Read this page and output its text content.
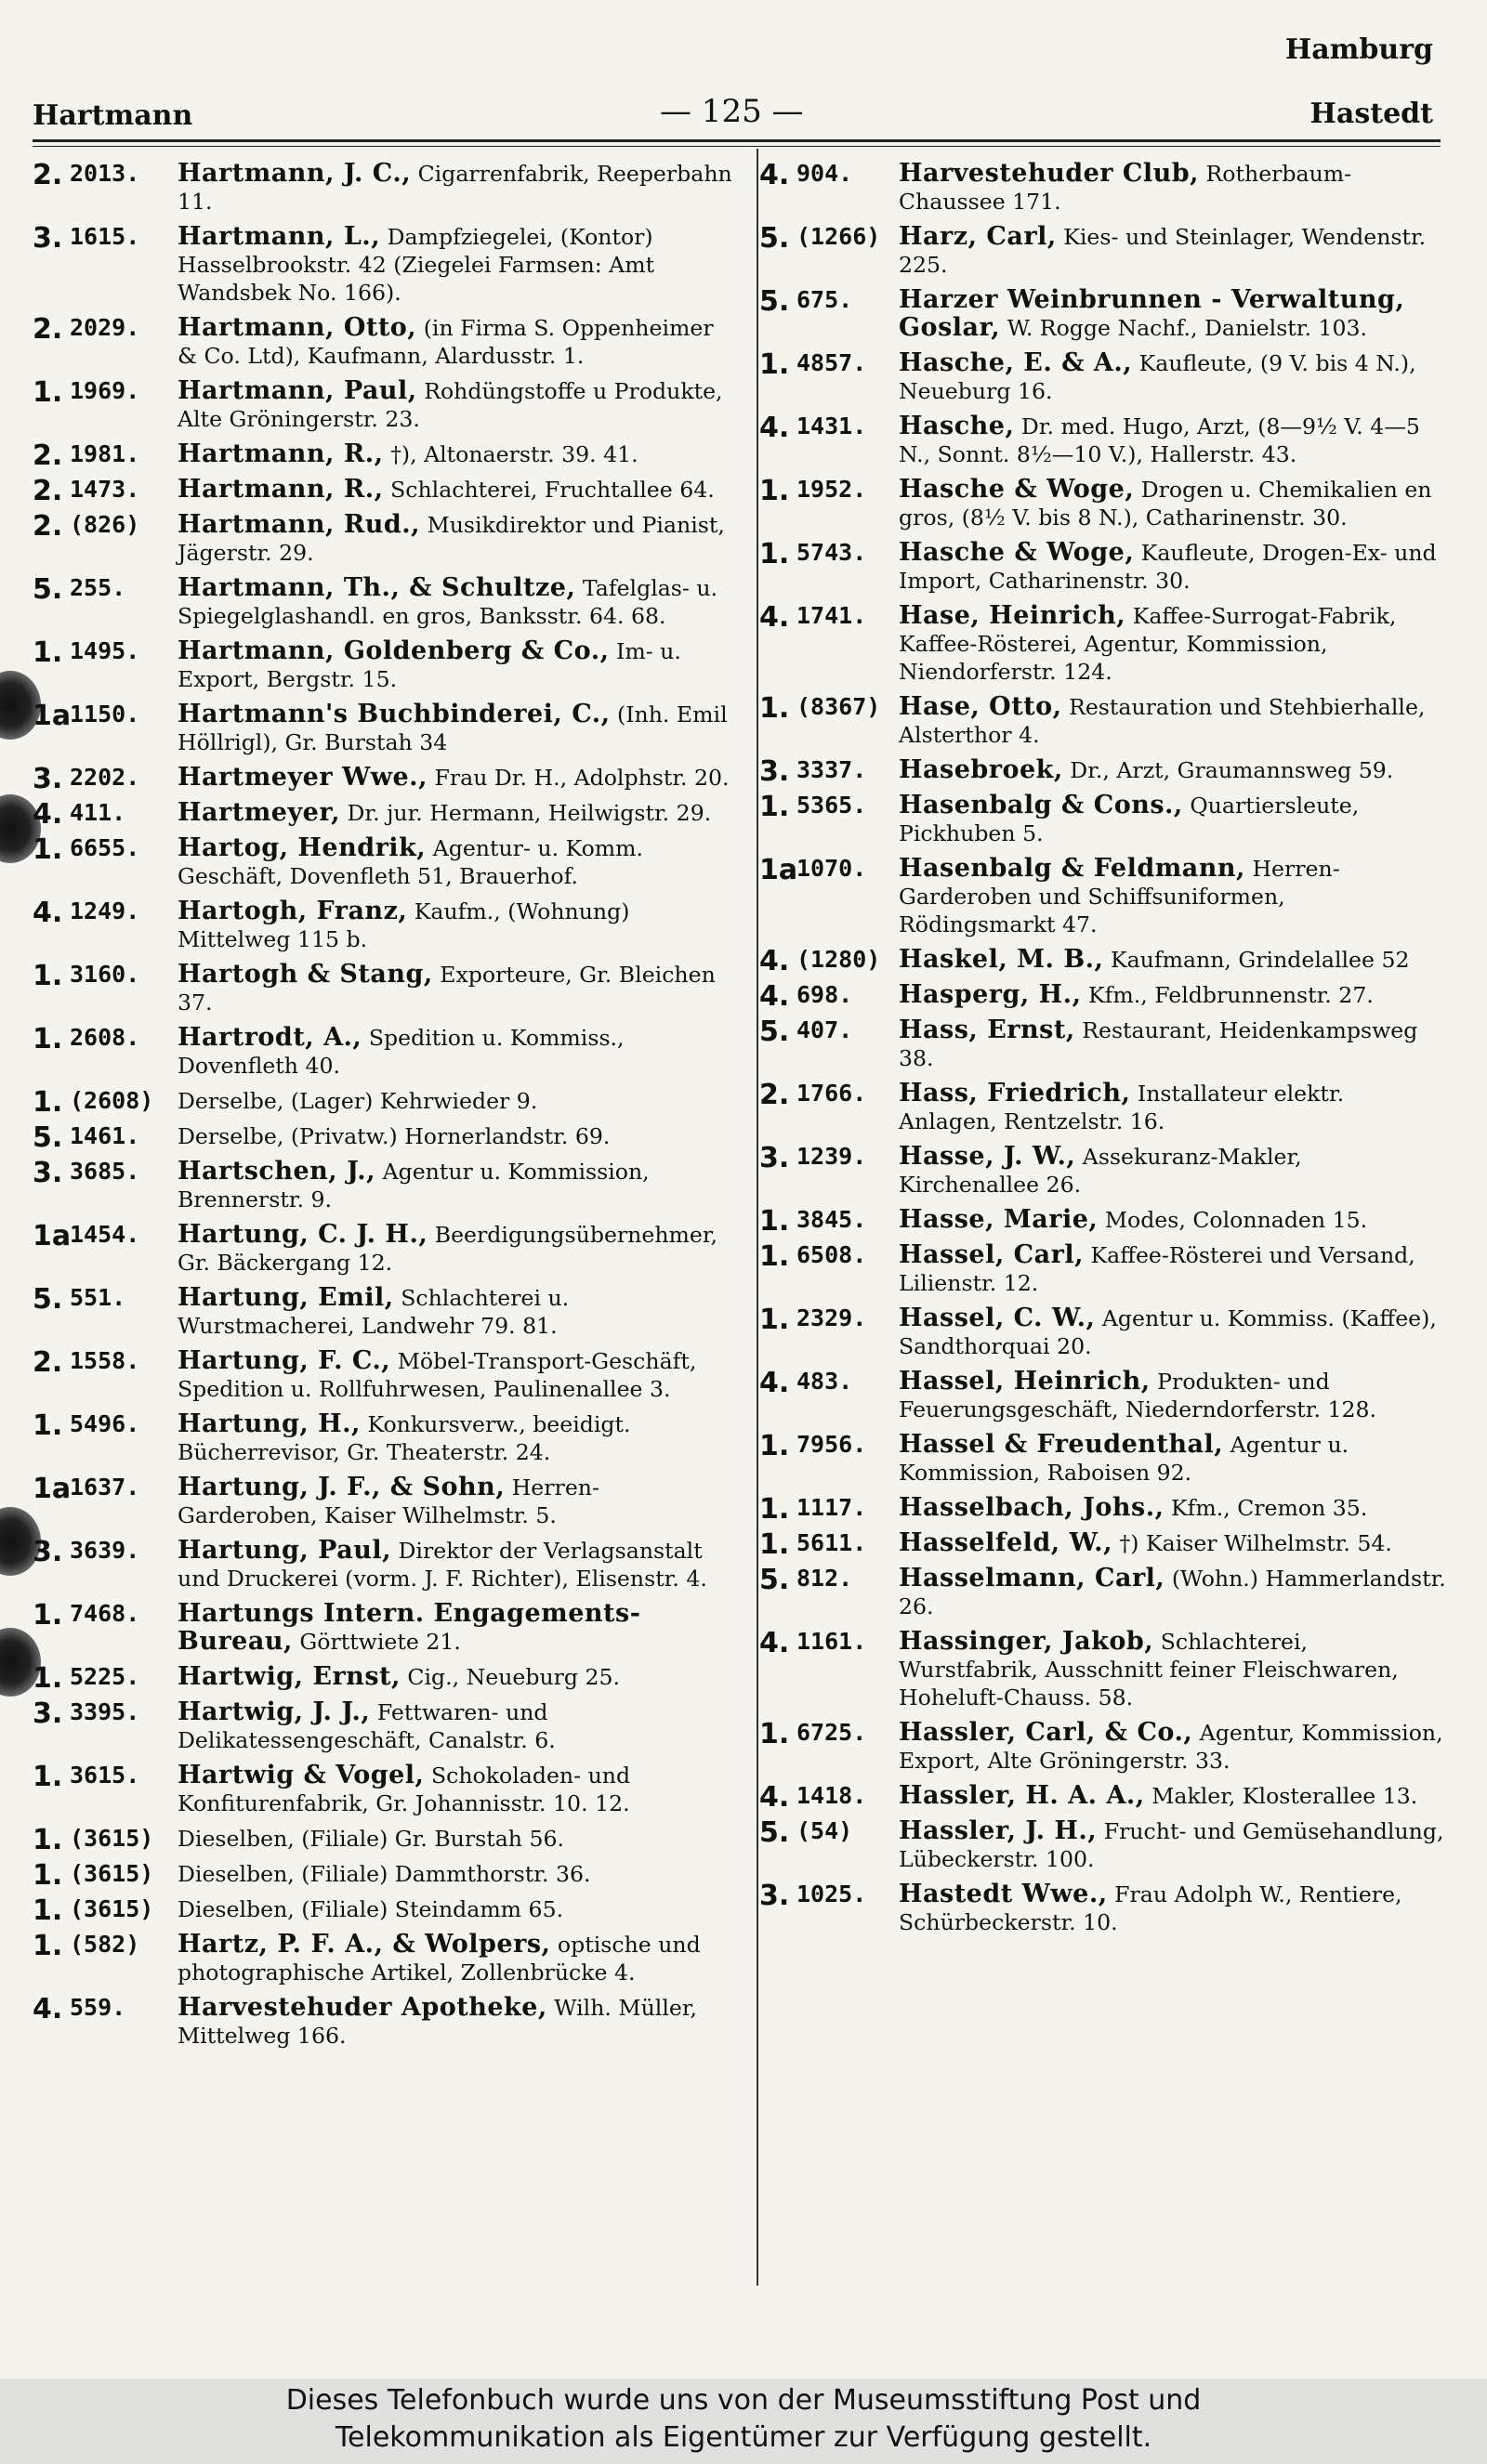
Hamburg
Hartmann	— 125 —	Hastedt
2. 2013. Hartmann, J. C., Cigarrenfabrik, Reeperbahn 11.
3. 1615. Hartmann, L., Dampfziegelei, (Kontor) Hasselbrookstr. 42 (Ziegelei Farmsen: Amt Wandsbek No. 166).
2. 2029. Hartmann, Otto, (in Firma S. Oppenheimer & Co. Ltd), Kaufmann, Alardusstr. 1.
1. 1969. Hartmann, Paul, Rohdüngstoffe u Produkte, Alte Gröningerstr. 23.
2. 1981. Hartmann, R., †), Altonaerstr. 39. 41.
2. 1473. Hartmann, R., Schlachterei, Fruchtallee 64.
2. (826) Hartmann, Rud., Musikdirektor und Pianist, Jägerstr. 29.
5. 255. Hartmann, Th., & Schultze, Tafelglas- u. Spiegelglashandl. en gros, Banksstr. 64. 68.
1. 1495. Hartmann, Goldenberg & Co., Im- u. Export, Bergstr. 15.
1a
1150. Hartmann's Buchbinderei, C., (Inh. Emil Höllrigl), Gr. Burstah 34
3. 2202. Hartmeyer Wwe., Frau Dr. H., Adolphstr. 20.
4. 411. Hartmeyer, Dr. jur. Hermann, Heilwigstr. 29.
1. 6655. Hartog, Hendrik, Agentur- u. Komm. Geschäft, Dovenfleth 51, Brauerhof.
4. 1249. Hartogh, Franz, Kaufm., (Wohnung) Mittelweg 115 b.
1. 3160. Hartogh & Stang, Exporteure, Gr. Bleichen 37.
1. 2608. Hartrodt, A., Spedition u. Kommiss., Dovenfleth 40.
1. (2608) Derselbe, (Lager) Kehrwieder 9.
5. 1461. Derselbe, (Privatw.) Hornerlandstr. 69.
3. 3685. Hartschen, J., Agentur u. Kommission, Brennerstr. 9.
1a
1454. Hartung, C. J. H., Beerdigungsübernehmer, Gr. Bäckergang 12.
5. 551. Hartung, Emil, Schlachterei u. Wurstmacherei, Landwehr 79. 81.
2. 1558. Hartung, F. C., Möbel-Transport-Geschäft, Spedition u. Rollfuhrwesen, Paulinenallee 3.
1. 5496. Hartung, H., Konkursverw., beeidigt. Bücherrevisor, Gr. Theaterstr. 24.
1a
1637. Hartung, J. F., & Sohn, Herren-Garderoben, Kaiser Wilhelmstr. 5.
3. 3639. Hartung, Paul, Direktor der Verlagsanstalt und Druckerei (vorm. J. F. Richter), Elisenstr. 4.
1. 7468. Hartungs Intern. Engagements-Bureau, Görttwiete 21.
1. 5225. Hartwig, Ernst, Cig., Neueburg 25.
3. 3395. Hartwig, J. J., Fettwaren- und Delikatessengeschäft, Canalstr. 6.
1. 3615. Hartwig & Vogel, Schokoladen- und Konfiturenfabrik, Gr. Johannisstr. 10. 12.
1. (3615) Dieselben, (Filiale) Gr. Burstah 56.
1. (3615) Dieselben, (Filiale) Dammthorstr. 36.
1. (3615) Dieselben, (Filiale) Steindamm 65.
1. (582) Hartz, P. F. A., & Wolpers, optische und photographische Artikel, Zollenbrücke 4.
4. 559. Harvestehuder Apotheke, Wilh. Müller, Mittelweg 166.
4. 904. Harvestehuder Club, Rotherbaum-Chaussee 171.
5. (1266) Harz, Carl, Kies- und Steinlager, Wendenstr. 225.
5. 675. Harzer Weinbrunnen - Verwaltung, Goslar, W. Rogge Nachf., Danielstr. 103.
1. 4857. Hasche, E. & A., Kaufleute, (9 V. bis 4 N.), Neueburg 16.
4. 1431. Hasche, Dr. med. Hugo, Arzt, (8—9½ V. 4—5 N., Sonnt. 8½—10 V.), Hallerstr. 43.
1. 1952. Hasche & Woge, Drogen u. Chemikalien en gros, (8½ V. bis 8 N.), Catharinenstr. 30.
1. 5743. Hasche & Woge, Kaufleute, Drogen-Ex- und Import, Catharinenstr. 30.
4. 1741. Hase, Heinrich, Kaffee-Surrogat-Fabrik, Kaffee-Rösterei, Agentur, Kommission, Niendorferstr. 124.
1. (8367) Hase, Otto, Restauration und Stehbierhalle, Alsterthor 4.
3. 3337. Hasebroek, Dr., Arzt, Graumannsweg 59.
1. 5365. Hasenbalg & Cons., Quartiersleute, Pickhuben 5.
1a
1070. Hasenbalg & Feldmann, Herren-Garderoben und Schiffsuniformen, Rödingsmarkt 47.
4. (1280) Haskel, M. B., Kaufmann, Grindelallee 52
4. 698. Hasperg, H., Kfm., Feldbrunnenstr. 27.
5. 407. Hass, Ernst, Restaurant, Heidenkampsweg 38.
2. 1766. Hass, Friedrich, Installateur elektr. Anlagen, Rentzelstr. 16.
3. 1239. Hasse, J. W., Assekuranz-Makler, Kirchenallee 26.
1. 3845. Hasse, Marie, Modes, Colonnaden 15.
1. 6508. Hassel, Carl, Kaffee-Rösterei und Versand, Lilienstr. 12.
1. 2329. Hassel, C. W., Agentur u. Kommiss. (Kaffee), Sandthorquai 20.
4. 483. Hassel, Heinrich, Produkten- und Feuerungsgeschäft, Niederndorferstr. 128.
1. 7956. Hassel & Freudenthal, Agentur u. Kommission, Raboisen 92.
1. 1117. Hasselbach, Johs., Kfm., Cremon 35.
1. 5611. Hasselfeld, W., †) Kaiser Wilhelmstr. 54.
5. 812. Hasselmann, Carl, (Wohn.) Hammerlandstr. 26.
4. 1161. Hassinger, Jakob, Schlachterei, Wurstfabrik, Ausschnitt feiner Fleischwaren, Hoheluft-Chauss. 58.
1. 6725. Hassler, Carl, & Co., Agentur, Kommission, Export, Alte Gröningerstr. 33.
4. 1418. Hassler, H. A. A., Makler, Klosterallee 13.
5. (54) Hassler, J. H., Frucht- und Gemüsehandlung, Lübeckerstr. 100.
3. 1025. Hastedt Wwe., Frau Adolph W., Rentiere, Schürbeckerstr. 10.
Dieses Telefonbuch wurde uns von der Museumsstiftung Post und
Telekommunikation als Eigentümer zur Verfügung gestellt.
